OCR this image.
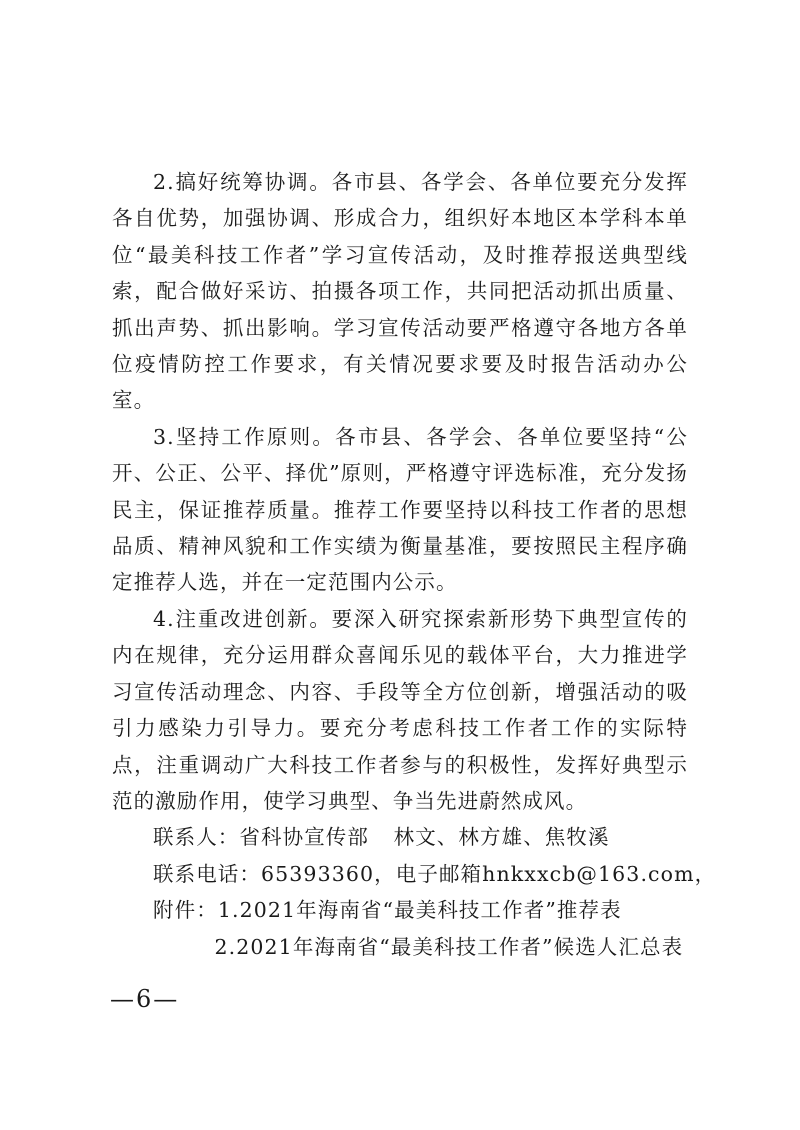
2.搞好统筹协调。各市县、各学会、各单位要充分发挥各自优势，加强协调、形成合力，组织好本地区本学科本单位“最美科技工作者”学习宣传活动，及时推荐报送典型线索，配合做好采访、拍摄各项工作，共同把活动抓出质量、抓出声势、抓出影响。学习宣传活动要严格遵守各地方各单位疫情防控工作要求，有关情况要求要及时报告活动办公室。

3.坚持工作原则。各市县、各学会、各单位要坚持“公开、公正、公平、择优”原则，严格遵守评选标准，充分发扬民主，保证推荐质量。推荐工作要坚持以科技工作者的思想品质、精神风貌和工作实绩为衡量基准，要按照民主程序确定推荐人选，并在一定范围内公示。

4.注重改进创新。要深入研究探索新形势下典型宣传的内在规律，充分运用群众喜闻乐见的载体平台，大力推进学习宣传活动理念、内容、手段等全方位创新，增强活动的吸引力感染力引导力。要充分考虑科技工作者工作的实际特点，注重调动广大科技工作者参与的积极性，发挥好典型示范的激励作用，使学习典型、争当先进蔚然成风。

联系人：省科协宣传部 林文、林方雄、焦牧溪

联系电话：65393360，电子邮箱hnkxxcb@163.com，

附件：1.2021年海南省“最美科技工作者”推荐表

2.2021年海南省“最美科技工作者”候选人汇总表

—6—
